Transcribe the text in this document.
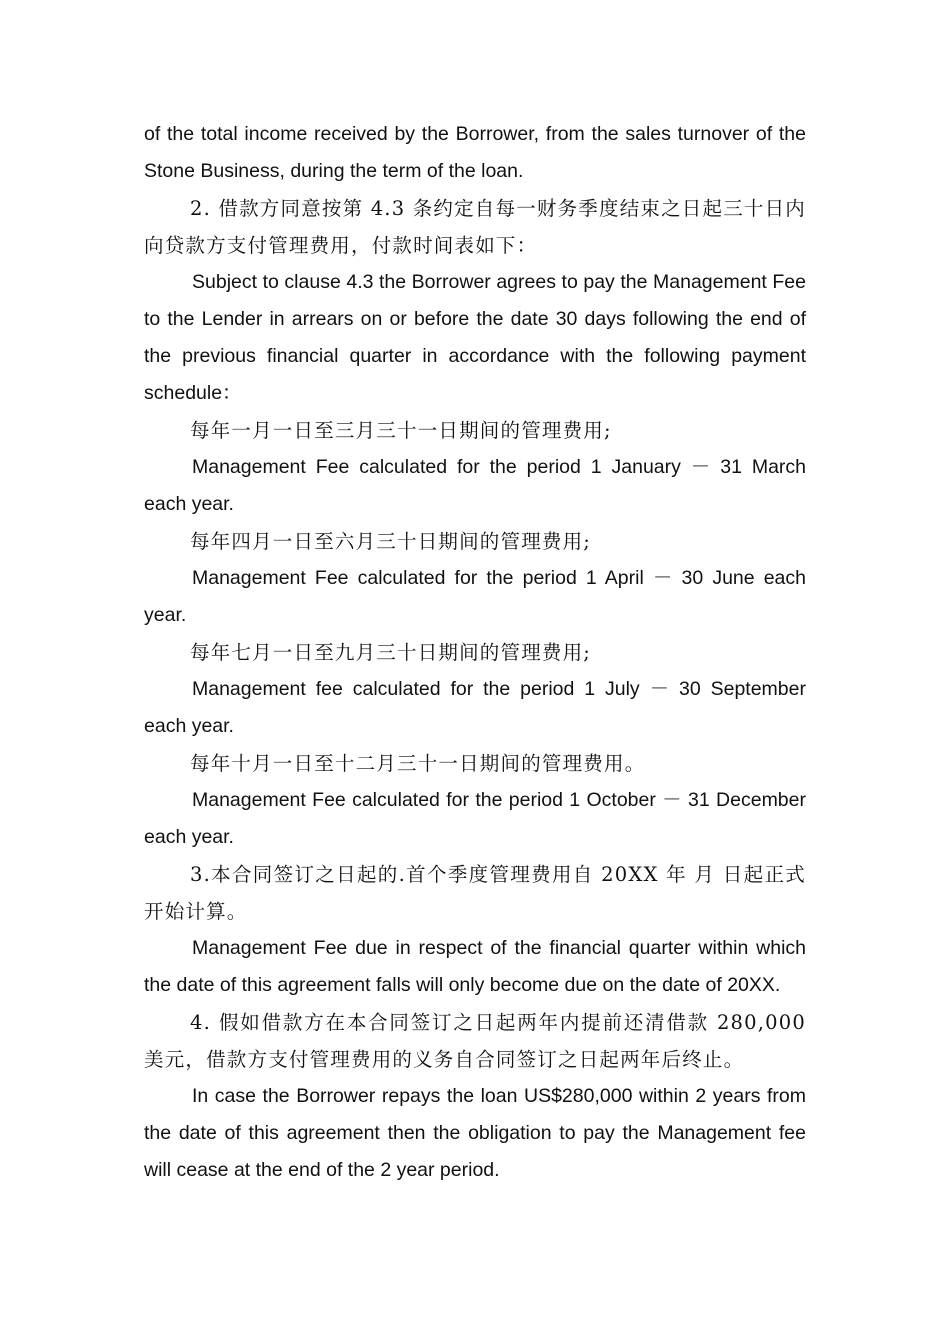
of the total income received by the Borrower, from the sales turnover of the Stone Business, during the term of the loan.

2. 借款方同意按第 4.3 条约定自每一财务季度结束之日起三十日内向贷款方支付管理费用，付款时间表如下：

Subject to clause 4.3 the Borrower agrees to pay the Management Fee to the Lender in arrears on or before the date 30 days following the end of the previous financial quarter in accordance with the following payment schedule：

每年一月一日至三月三十一日期间的管理费用;

Management Fee calculated for the period 1 January － 31 March each year.

每年四月一日至六月三十日期间的管理费用;

Management Fee calculated for the period 1 April － 30 June each year.

每年七月一日至九月三十日期间的管理费用;

Management fee calculated for the period 1 July － 30 September each year.

每年十月一日至十二月三十一日期间的管理费用。

Management Fee calculated for the period 1 October － 31 December each year.

3.本合同签订之日起的.首个季度管理费用自 20XX 年 月 日起正式开始计算。

Management Fee due in respect of the financial quarter within which the date of this agreement falls will only become due on the date of 20XX.

4. 假如借款方在本合同签订之日起两年内提前还清借款 280,000 美元，借款方支付管理费用的义务自合同签订之日起两年后终止。

In case the Borrower repays the loan US$280,000 within 2 years from the date of this agreement then the obligation to pay the Management fee will cease at the end of the 2 year period.
